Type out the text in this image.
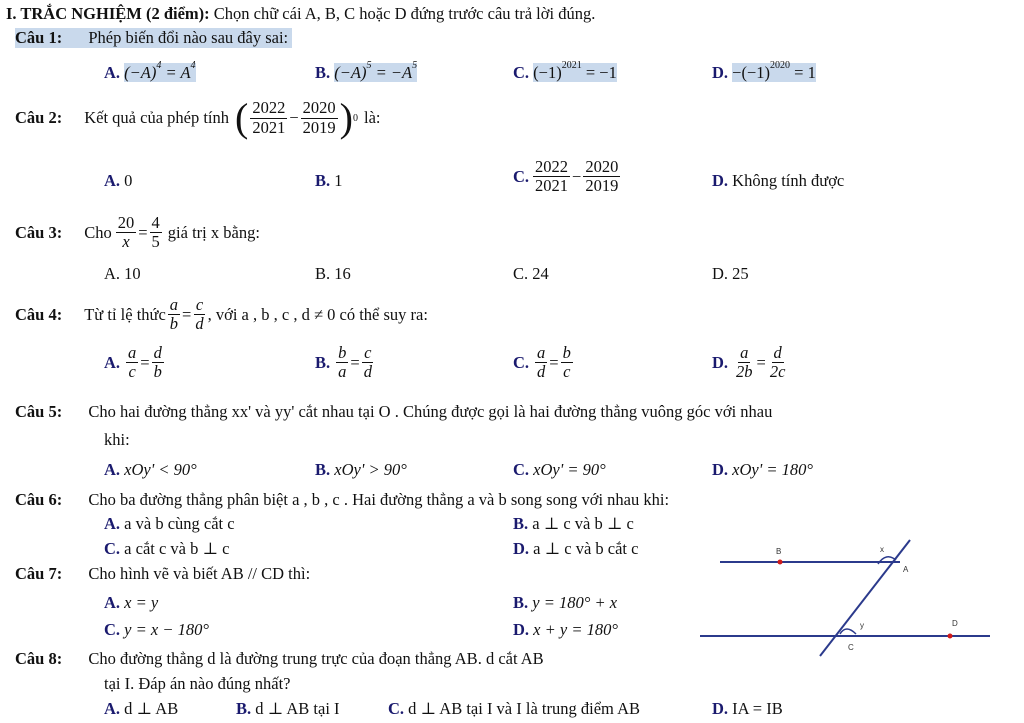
I. TRẮC NGHIỆM (2 điểm): Chọn chữ cái A, B, C hoặc D đứng trước câu trả lời đúng.
Câu 1: Phép biến đổi nào sau đây sai:
A. $(-A)^4 = A^4$	B. $(-A)^5 = -A^5$	C. $(-1)^{2021} = -1$	D. $-(-1)^{2020} = 1$
Câu 2: Kết quả của phép tính ( $\frac{2022}{2021} - \frac{2020}{2019}$ ) 0 là:
A. 0	B. 1	C. $\frac{2022}{2021} - \frac{2020}{2019}$	D. Không tính được
Câu 3: Cho $\frac{20}{x} = \frac{4}{5}$ giá trị x bằng:
A. 10	B. 16	C. 24	D. 25
Câu 4: Từ tỉ lệ thức $\frac{a}{b} = \frac{c}{d}$ , với a , b , c , d ≠ 0 có thể suy ra:
A. $\frac{a}{c} = \frac{d}{b}$	B. $\frac{b}{a} = \frac{c}{d}$	C. $\frac{a}{d} = \frac{b}{c}$	D. $\frac{a}{2b} = \frac{d}{2c}$
Câu 5: Cho hai đường thẳng xx' và yy' cắt nhau tại O . Chúng được gọi là hai đường thẳng vuông góc với nhau
khi:
A. xOy' < 90°	B. xOy' > 90°	C. xOy' = 90°	D. xOy' = 180°
Câu 6: Cho ba đường thẳng phân biệt a , b , c . Hai đường thẳng a và b song song với nhau khi:
A. a và b cùng cắt c	B. a ⊥ c và b ⊥ c
C. a cắt c và b ⊥ c	D. a ⊥ c và b cắt c
Câu 7: Cho hình vẽ và biết AB // CD thì:
A. x = y	B. y = 180° + x
C. y = x − 180°	D. x + y = 180°
B
A
x
y
C
D
Câu 8: Cho đường thẳng d là đường trung trực của đoạn thẳng AB. d cắt AB
tại I. Đáp án nào đúng nhất?
A. d ⊥ AB	B. d ⊥ AB tại I	C. d ⊥ AB tại I và I là trung điểm AB	D. IA = IB
